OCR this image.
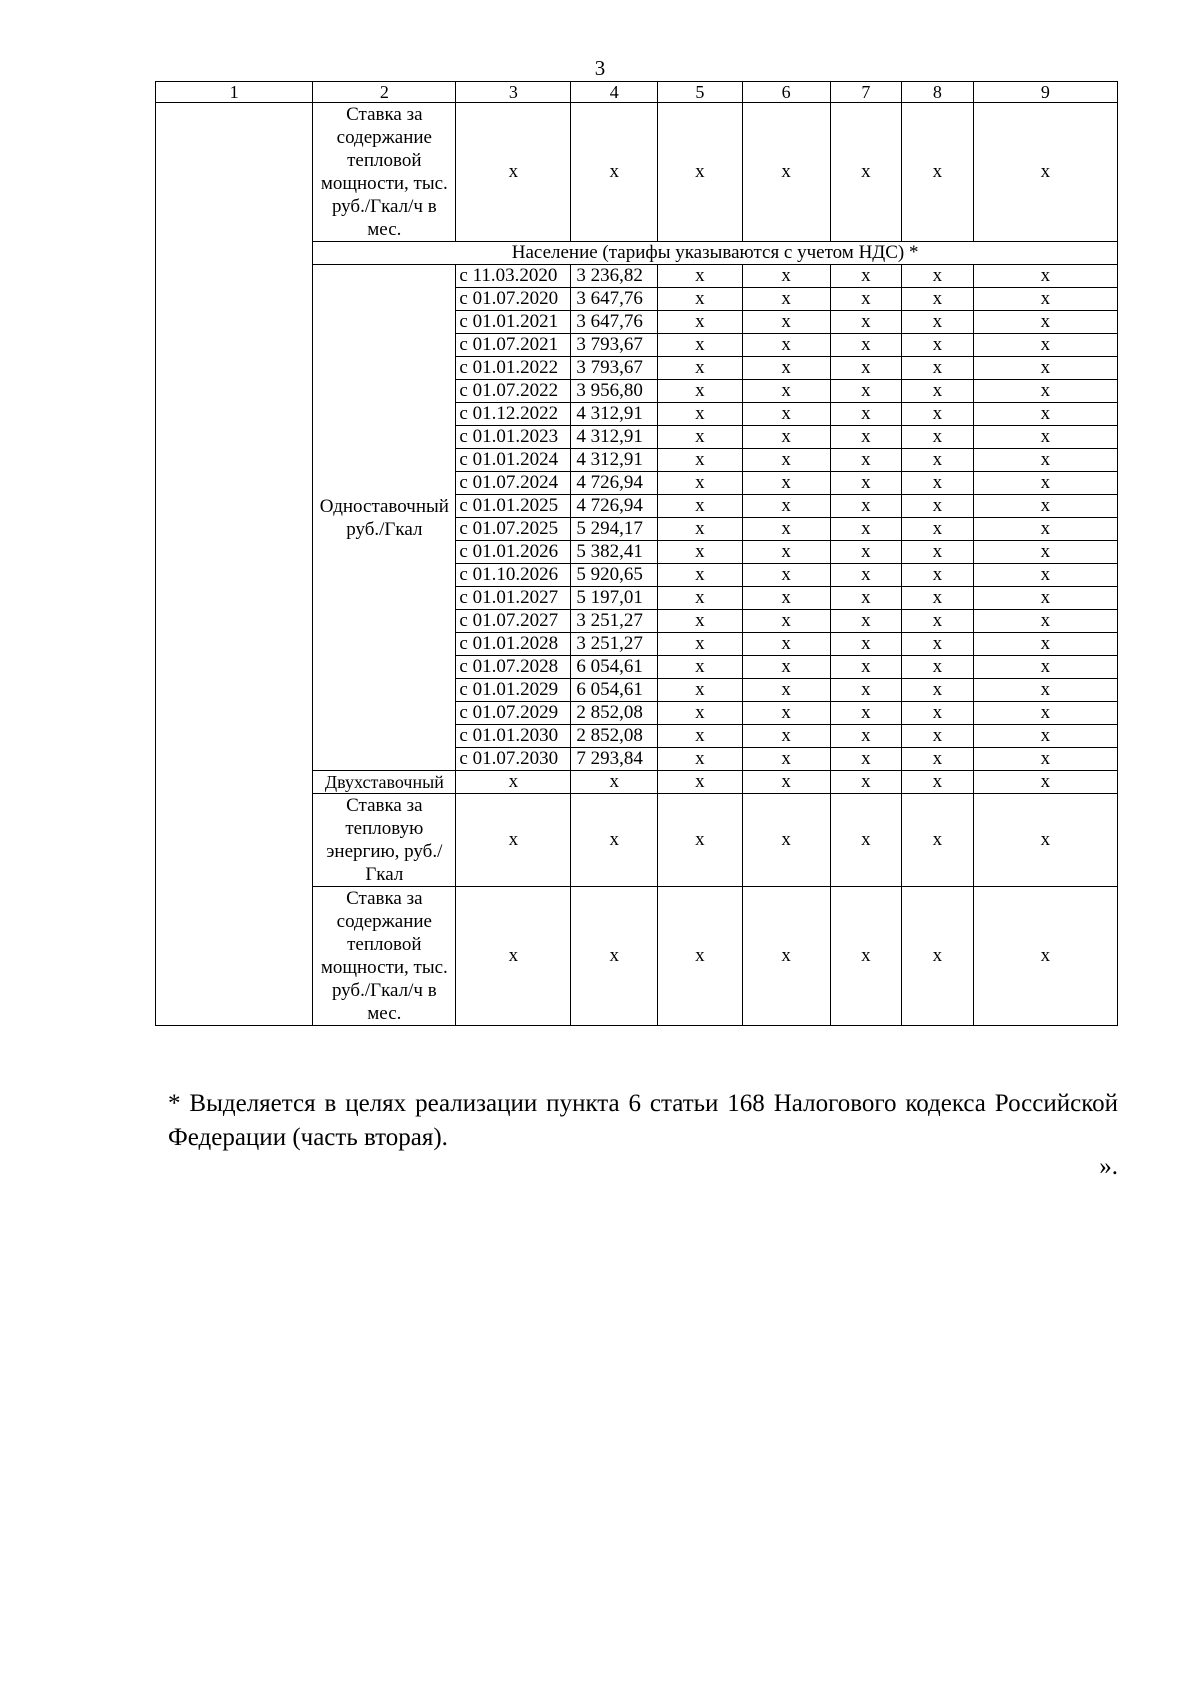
3
1	2	3	4	5	6	7	8	9
	Ставка за содержание тепловой мощности, тыс. руб./Гкал/ч в мес.	х	х	х	х	х	х	х
	Население (тарифы указываются с учетом НДС) *							
	Одноставочный руб./Гкал	с 11.03.2020	3 236,82	х	х	х	х	х
		с 01.07.2020	3 647,76	х	х	х	х	х
		с 01.01.2021	3 647,76	х	х	х	х	х
		с 01.07.2021	3 793,67	х	х	х	х	х
		с 01.01.2022	3 793,67	х	х	х	х	х
		с 01.07.2022	3 956,80	х	х	х	х	х
		с 01.12.2022	4 312,91	х	х	х	х	х
		с 01.01.2023	4 312,91	х	х	х	х	х
		с 01.01.2024	4 312,91	х	х	х	х	х
		с 01.07.2024	4 726,94	х	х	х	х	х
		с 01.01.2025	4 726,94	х	х	х	х	х
		с 01.07.2025	5 294,17	х	х	х	х	х
		с 01.01.2026	5 382,41	х	х	х	х	х
		с 01.10.2026	5 920,65	х	х	х	х	х
		с 01.01.2027	5 197,01	х	х	х	х	х
		с 01.07.2027	3 251,27	х	х	х	х	х
		с 01.01.2028	3 251,27	х	х	х	х	х
		с 01.07.2028	6 054,61	х	х	х	х	х
		с 01.01.2029	6 054,61	х	х	х	х	х
		с 01.07.2029	2 852,08	х	х	х	х	х
		с 01.01.2030	2 852,08	х	х	х	х	х
		с 01.07.2030	7 293,84	х	х	х	х	х
	Двухставочный	х	х	х	х	х	х	х
	Ставка за тепловую энергию, руб./Гкал	х	х	х	х	х	х	х
	Ставка за содержание тепловой мощности, тыс. руб./Гкал/ч в мес.	х	х	х	х	х	х	х
* Выделяется в целях реализации пункта 6 статьи 168 Налогового кодекса Российской Федерации (часть вторая).
».
